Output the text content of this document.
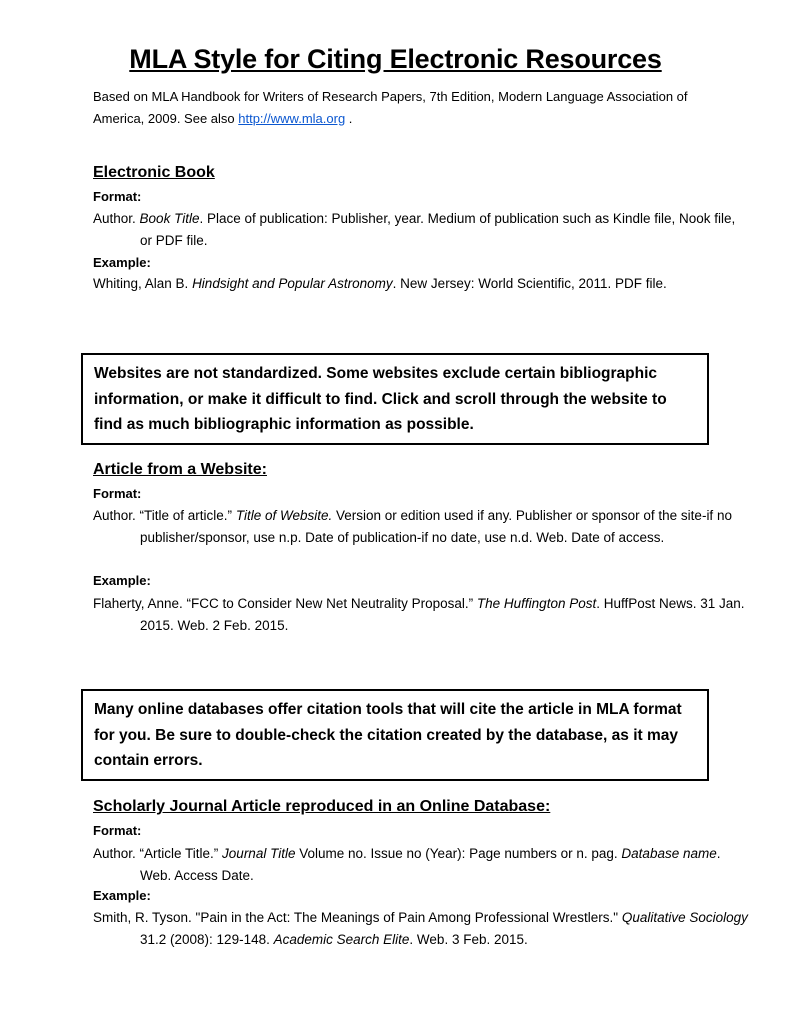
MLA Style for Citing Electronic Resources
Based on MLA Handbook for Writers of Research Papers, 7th Edition, Modern Language Association of America, 2009. See also http://www.mla.org .
Electronic Book
Format:
Author. Book Title. Place of publication: Publisher, year. Medium of publication such as Kindle file, Nook file, or PDF file.
Example:
Whiting, Alan B. Hindsight and Popular Astronomy. New Jersey: World Scientific, 2011. PDF file.
Websites are not standardized. Some websites exclude certain bibliographic information, or make it difficult to find. Click and scroll through the website to find as much bibliographic information as possible.
Article from a Website:
Format:
Author. “Title of article.” Title of Website. Version or edition used if any. Publisher or sponsor of the site-if no publisher/sponsor, use n.p. Date of publication-if no date, use n.d. Web. Date of access.
Example:
Flaherty, Anne. “FCC to Consider New Net Neutrality Proposal.” The Huffington Post. HuffPost News. 31 Jan. 2015. Web. 2 Feb. 2015.
Many online databases offer citation tools that will cite the article in MLA format for you. Be sure to double-check the citation created by the database, as it may contain errors.
Scholarly Journal Article reproduced in an Online Database:
Format:
Author. “Article Title.” Journal Title Volume no. Issue no (Year): Page numbers or n. pag. Database name. Web. Access Date.
Example:
Smith, R. Tyson. "Pain in the Act: The Meanings of Pain Among Professional Wrestlers." Qualitative Sociology 31.2 (2008): 129-148. Academic Search Elite. Web. 3 Feb. 2015.
